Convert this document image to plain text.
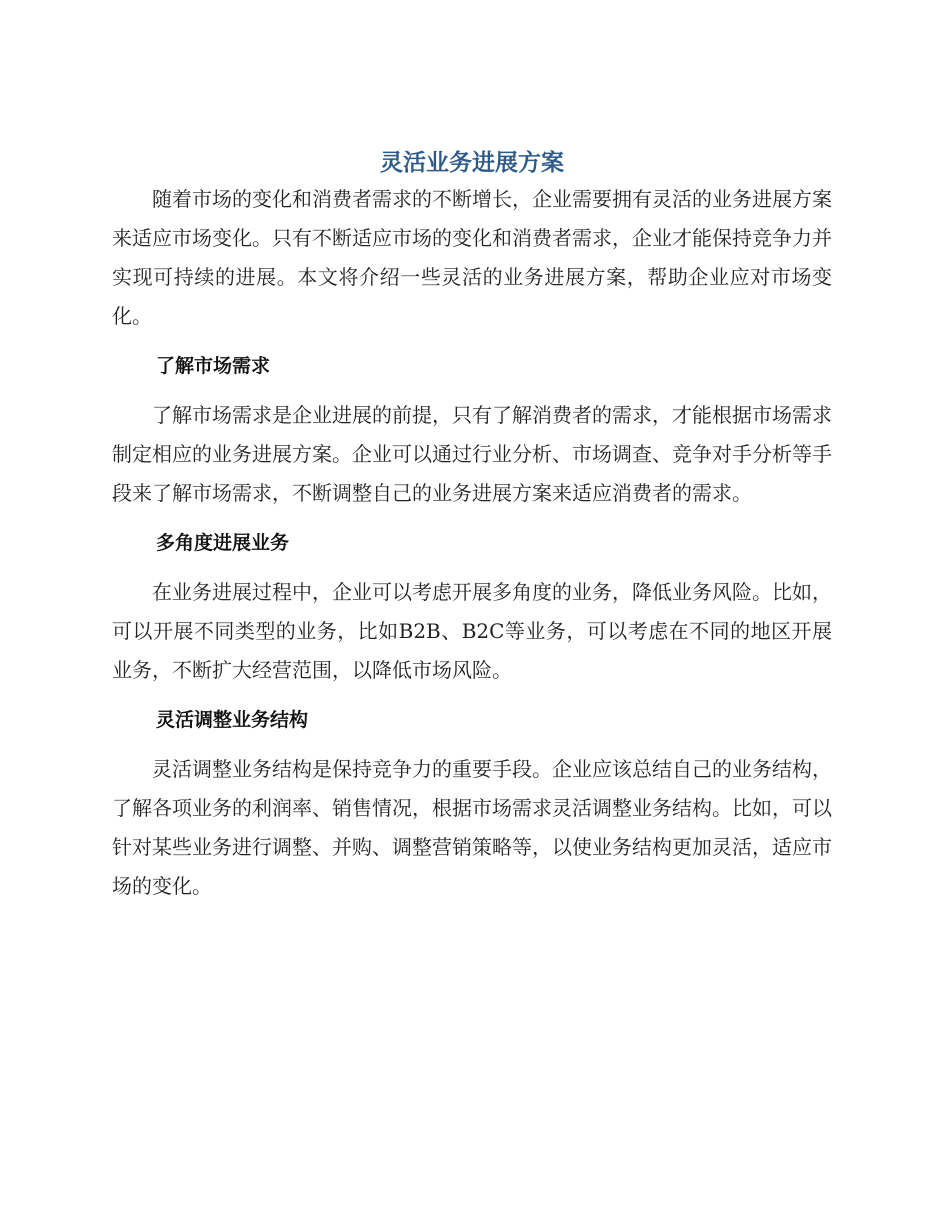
灵活业务进展方案

随着市场的变化和消费者需求的不断增长，企业需要拥有灵活的业务进展方案来适应市场变化。只有不断适应市场的变化和消费者需求，企业才能保持竞争力并实现可持续的进展。本文将介绍一些灵活的业务进展方案，帮助企业应对市场变化。

了解市场需求

了解市场需求是企业进展的前提，只有了解消费者的需求，才能根据市场需求制定相应的业务进展方案。企业可以通过行业分析、市场调查、竞争对手分析等手段来了解市场需求，不断调整自己的业务进展方案来适应消费者的需求。

多角度进展业务

在业务进展过程中，企业可以考虑开展多角度的业务，降低业务风险。比如，可以开展不同类型的业务，比如B2B、B2C等业务，可以考虑在不同的地区开展业务，不断扩大经营范围，以降低市场风险。

灵活调整业务结构

灵活调整业务结构是保持竞争力的重要手段。企业应该总结自己的业务结构，了解各项业务的利润率、销售情况，根据市场需求灵活调整业务结构。比如，可以针对某些业务进行调整、并购、调整营销策略等，以使业务结构更加灵活，适应市场的变化。
